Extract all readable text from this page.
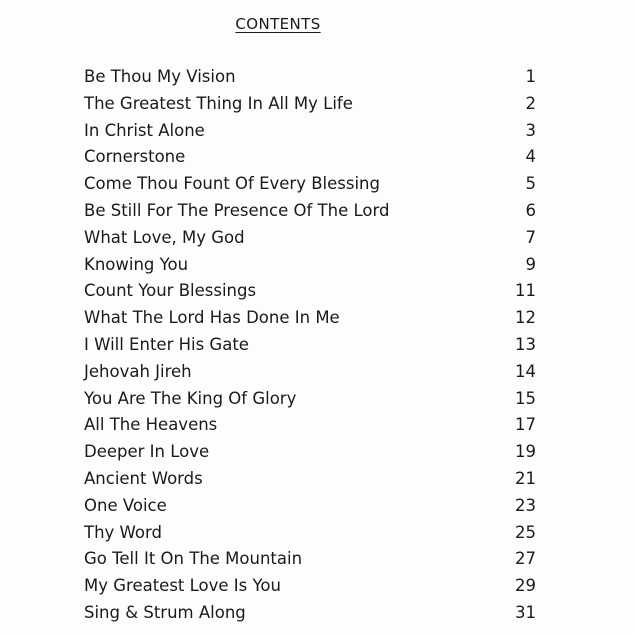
CONTENTS
Be Thou My Vision	1
The Greatest Thing In All My Life	2
In Christ Alone	3
Cornerstone	4
Come Thou Fount Of Every Blessing	5
Be Still For The Presence Of The Lord	6
What Love, My God	7
Knowing You	9
Count Your Blessings	11
What The Lord Has Done In Me	12
I Will Enter His Gate	13
Jehovah Jireh	14
You Are The King Of Glory	15
All The Heavens	17
Deeper In Love	19
Ancient Words	21
One Voice	23
Thy Word	25
Go Tell It On The Mountain	27
My Greatest Love Is You	29
Sing & Strum Along	31
